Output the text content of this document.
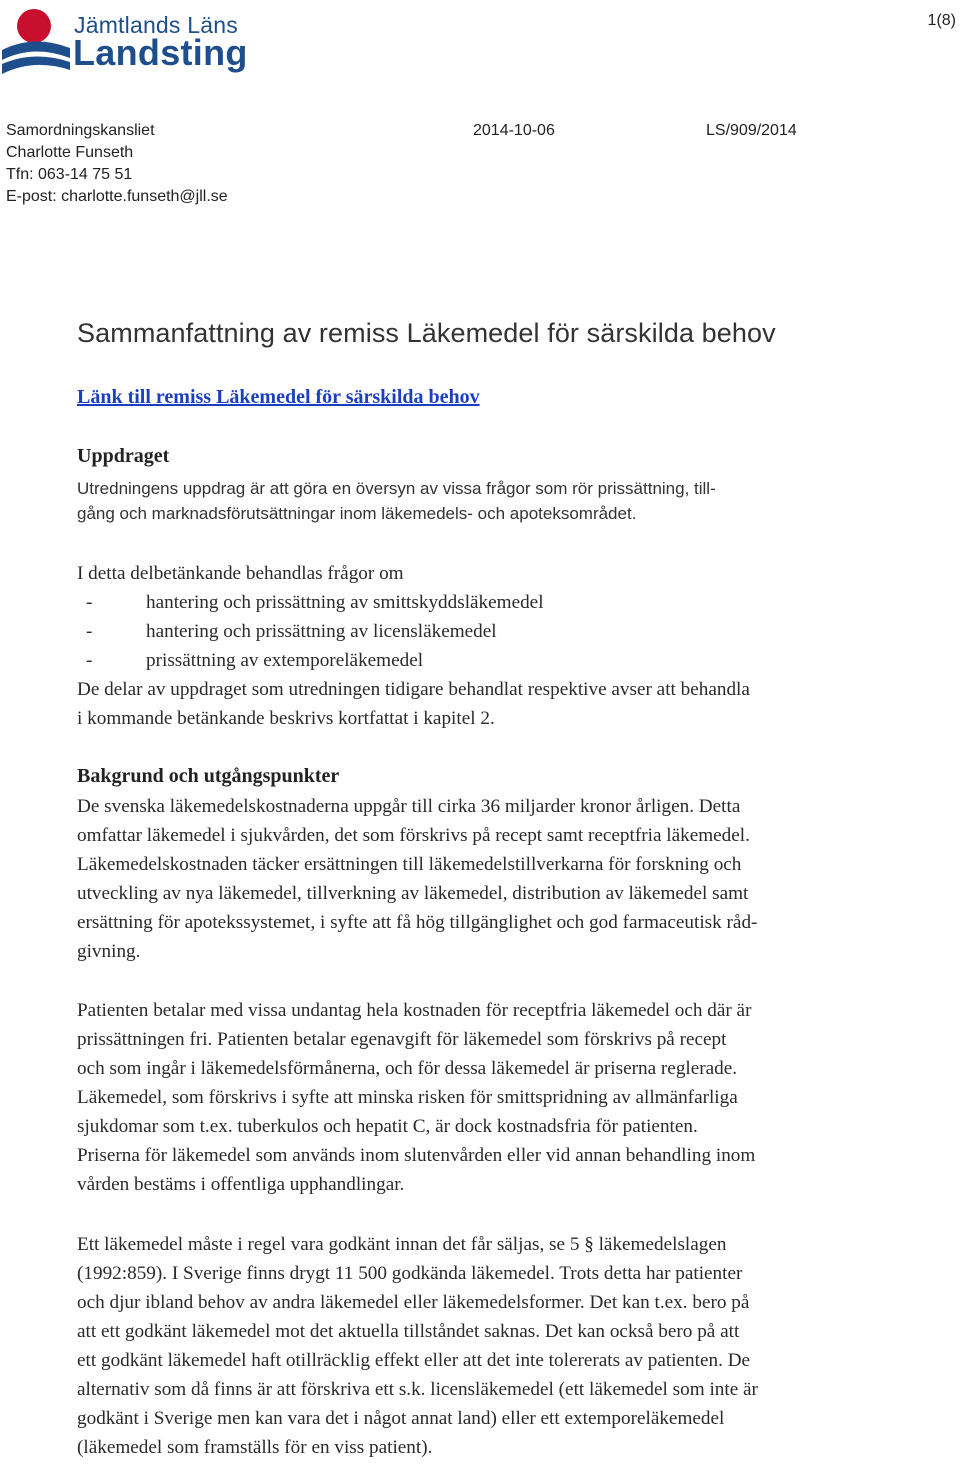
Jämtlands Läns
Landsting
1(8)
Samordningskansliet	2014-10-06	LS/909/2014
Charlotte Funseth
Tfn: 063-14 75 51
E-post: charlotte.funseth@jll.se
Sammanfattning av remiss Läkemedel för särskilda behov
Länk till remiss Läkemedel för särskilda behov
Uppdraget
Utredningens uppdrag är att göra en översyn av vissa frågor som rör prissättning, till-
gång och marknadsförutsättningar inom läkemedels- och apoteksområdet.
I detta delbetänkande behandlas frågor om
-	hantering och prissättning av smittskyddsläkemedel
-	hantering och prissättning av licensläkemedel
-	prissättning av extemporeläkemedel
De delar av uppdraget som utredningen tidigare behandlat respektive avser att behandla
i kommande betänkande beskrivs kortfattat i kapitel 2.
Bakgrund och utgångspunkter
De svenska läkemedelskostnaderna uppgår till cirka 36 miljarder kronor årligen. Detta
omfattar läkemedel i sjukvården, det som förskrivs på recept samt receptfria läkemedel.
Läkemedelskostnaden täcker ersättningen till läkemedelstillverkarna för forskning och
utveckling av nya läkemedel, tillverkning av läkemedel, distribution av läkemedel samt
ersättning för apotekssystemet, i syfte att få hög tillgänglighet och god farmaceutisk råd-
givning.
Patienten betalar med vissa undantag hela kostnaden för receptfria läkemedel och där är
prissättningen fri. Patienten betalar egenavgift för läkemedel som förskrivs på recept
och som ingår i läkemedelsförmånerna, och för dessa läkemedel är priserna reglerade.
Läkemedel, som förskrivs i syfte att minska risken för smittspridning av allmänfarliga
sjukdomar som t.ex. tuberkulos och hepatit C, är dock kostnadsfria för patienten.
Priserna för läkemedel som används inom slutenvården eller vid annan behandling inom
vården bestäms i offentliga upphandlingar.
Ett läkemedel måste i regel vara godkänt innan det får säljas, se 5 § läkemedelslagen
(1992:859). I Sverige finns drygt 11 500 godkända läkemedel. Trots detta har patienter
och djur ibland behov av andra läkemedel eller läkemedelsformer. Det kan t.ex. bero på
att ett godkänt läkemedel mot det aktuella tillståndet saknas. Det kan också bero på att
ett godkänt läkemedel haft otillräcklig effekt eller att det inte tolererats av patienten. De
alternativ som då finns är att förskriva ett s.k. licensläkemedel (ett läkemedel som inte är
godkänt i Sverige men kan vara det i något annat land) eller ett extemporeläkemedel
(läkemedel som framställs för en viss patient).
